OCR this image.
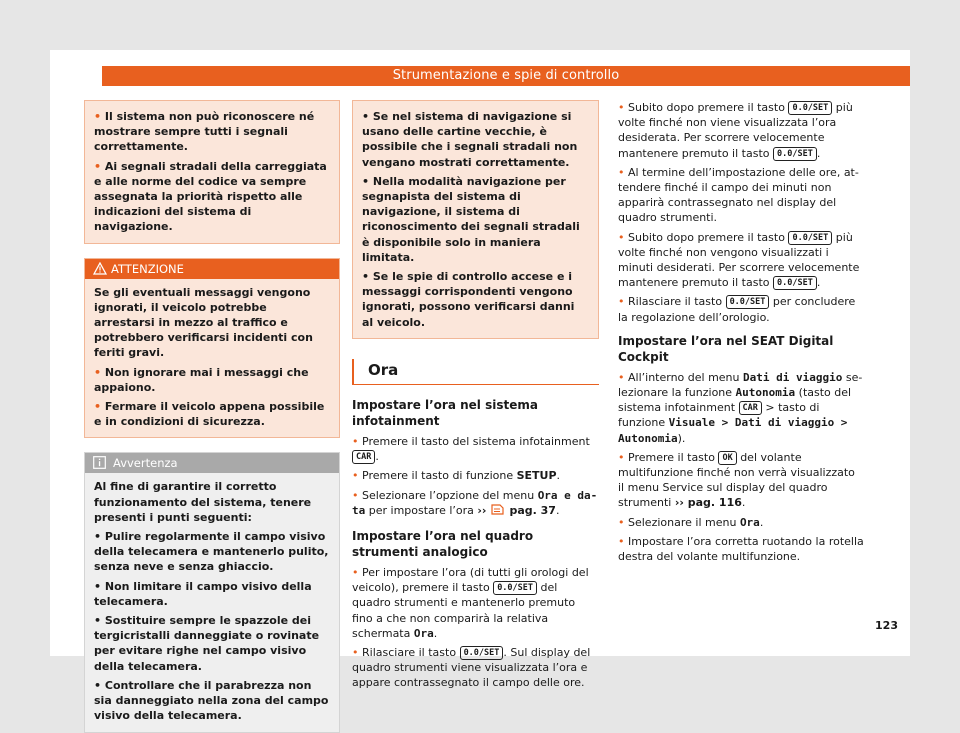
Strumentazione e spie di controllo

• Il sistema non può riconoscere né mostrare sempre tutti i segnali correttamente.

• Ai segnali stradali della carreggiata e alle norme del codice va sempre assegnata la priorità rispetto alle indicazioni del sistema di navigazione.

ATTENZIONE

Se gli eventuali messaggi vengono ignorati, il veicolo potrebbe arrestarsi in mezzo al traffico e potrebbero verificarsi incidenti con feriti gravi.

• Non ignorare mai i messaggi che appaiono.

• Fermare il veicolo appena possibile e in condizioni di sicurezza.

Avvertenza

Al fine di garantire il corretto funzionamento del sistema, tenere presenti i punti seguenti:

• Pulire regolarmente il campo visivo della telecamera e mantenerlo pulito, senza neve e senza ghiaccio.

• Non limitare il campo visivo della telecamera.

• Sostituire sempre le spazzole dei tergicristalli danneggiate o rovinate per evitare righe nel campo visivo della telecamera.

• Controllare che il parabrezza non sia danneggiato nella zona del campo visivo della telecamera.

• Se nel sistema di navigazione si usano delle cartine vecchie, è possibile che i segnali stradali non vengano mostrati correttamente.

• Nella modalità navigazione per segnapista del sistema di navigazione, il sistema di riconoscimento dei segnali stradali è disponibile solo in maniera limitata.

• Se le spie di controllo accese e i messaggi corrispondenti vengono ignorati, possono verificarsi danni al veicolo.

Ora
Impostare l’ora nel sistema infotainment

• Premere il tasto del sistema infotainment CAR .

• Premere il tasto di funzione SETUP.

• Selezionare l’opzione del menu Ora e data per impostare l’ora ›› pag. 37.

Impostare l’ora nel quadro strumenti analogico

• Per impostare l’ora (di tutti gli orologi del veicolo), premere il tasto 0.0/SET del quadro strumenti e mantenerlo premuto fino a che non comparirà la relativa schermata Ora.

• Rilasciare il tasto 0.0/SET . Sul display del quadro strumenti viene visualizzata l’ora e appare contrassegnato il campo delle ore.

• Subito dopo premere il tasto 0.0/SET più volte finché non viene visualizzata l’ora desiderata. Per scorrere velocemente mantenere premuto il tasto 0.0/SET .

• Al termine dell’impostazione delle ore, attendere finché il campo dei minuti non apparirà contrassegnato nel display del quadro strumenti.

• Subito dopo premere il tasto 0.0/SET più volte finché non vengono visualizzati i minuti desiderati. Per scorrere velocemente mantenere premuto il tasto 0.0/SET .

• Rilasciare il tasto 0.0/SET per concludere la regolazione dell’orologio.

Impostare l’ora nel SEAT Digital Cockpit

• All’interno del menu Dati di viaggio selezionare la funzione Autonomia (tasto del sistema infotainment CAR > tasto di funzione Visuale > Dati di viaggio > Autonomia).

• Premere il tasto OK del volante multifunzione finché non verrà visualizzato il menu Service sul display del quadro strumenti ›› pag. 116.

• Selezionare il menu Ora.

• Impostare l’ora corretta ruotando la rotella destra del volante multifunzione.

123
